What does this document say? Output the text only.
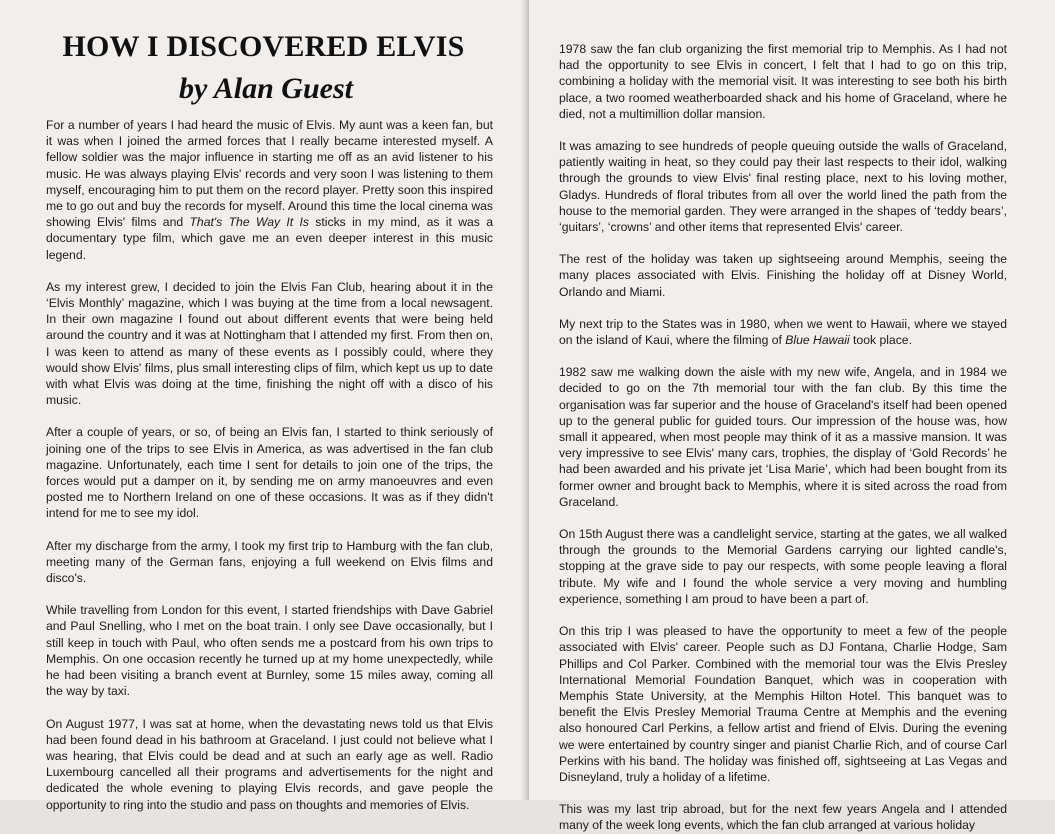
HOW I DISCOVERED ELVIS
by Alan Guest

For a number of years I had heard the music of Elvis. My aunt was a keen fan, but it was when I joined the armed forces that I really became interested myself. A fellow soldier was the major influence in starting me off as an avid listener to his music. He was always playing Elvis' records and very soon I was listening to them myself, encouraging him to put them on the record player. Pretty soon this inspired me to go out and buy the records for myself. Around this time the local cinema was showing Elvis' films and That's The Way It Is sticks in my mind, as it was a documentary type film, which gave me an even deeper interest in this music legend.

As my interest grew, I decided to join the Elvis Fan Club, hearing about it in the ‘Elvis Monthly’ magazine, which I was buying at the time from a local newsagent. In their own magazine I found out about different events that were being held around the country and it was at Nottingham that I attended my first. From then on, I was keen to attend as many of these events as I possibly could, where they would show Elvis' films, plus small interesting clips of film, which kept us up to date with what Elvis was doing at the time, finishing the night off with a disco of his music.

After a couple of years, or so, of being an Elvis fan, I started to think seriously of joining one of the trips to see Elvis in America, as was advertised in the fan club magazine. Unfortunately, each time I sent for details to join one of the trips, the forces would put a damper on it, by sending me on army manoeuvres and even posted me to Northern Ireland on one of these occasions. It was as if they didn't intend for me to see my idol.

After my discharge from the army, I took my first trip to Hamburg with the fan club, meeting many of the German fans, enjoying a full weekend on Elvis films and disco's.

While travelling from London for this event, I started friendships with Dave Gabriel and Paul Snelling, who I met on the boat train. I only see Dave occasionally, but I still keep in touch with Paul, who often sends me a postcard from his own trips to Memphis. On one occasion recently he turned up at my home unexpectedly, while he had been visiting a branch event at Burnley, some 15 miles away, coming all the way by taxi.

On August 1977, I was sat at home, when the devastating news told us that Elvis had been found dead in his bathroom at Graceland. I just could not believe what I was hearing, that Elvis could be dead and at such an early age as well. Radio Luxembourg cancelled all their programs and advertisements for the night and dedicated the whole evening to playing Elvis records, and gave people the opportunity to ring into the studio and pass on thoughts and memories of Elvis.

1978 saw the fan club organizing the first memorial trip to Memphis. As I had not had the opportunity to see Elvis in concert, I felt that I had to go on this trip, combining a holiday with the memorial visit. It was interesting to see both his birth place, a two roomed weatherboarded shack and his home of Graceland, where he died, not a multimillion dollar mansion.

It was amazing to see hundreds of people queuing outside the walls of Graceland, patiently waiting in heat, so they could pay their last respects to their idol, walking through the grounds to view Elvis' final resting place, next to his loving mother, Gladys. Hundreds of floral tributes from all over the world lined the path from the house to the memorial garden. They were arranged in the shapes of ‘teddy bears’, ‘guitars’, ‘crowns’ and other items that represented Elvis' career.

The rest of the holiday was taken up sightseeing around Memphis, seeing the many places associated with Elvis. Finishing the holiday off at Disney World, Orlando and Miami.

My next trip to the States was in 1980, when we went to Hawaii, where we stayed on the island of Kaui, where the filming of Blue Hawaii took place.

1982 saw me walking down the aisle with my new wife, Angela, and in 1984 we decided to go on the 7th memorial tour with the fan club. By this time the organisation was far superior and the house of Graceland's itself had been opened up to the general public for guided tours. Our impression of the house was, how small it appeared, when most people may think of it as a massive mansion. It was very impressive to see Elvis' many cars, trophies, the display of ‘Gold Records’ he had been awarded and his private jet ‘Lisa Marie’, which had been bought from its former owner and brought back to Memphis, where it is sited across the road from Graceland.

On 15th August there was a candlelight service, starting at the gates, we all walked through the grounds to the Memorial Gardens carrying our lighted candle's, stopping at the grave side to pay our respects, with some people leaving a floral tribute. My wife and I found the whole service a very moving and humbling experience, something I am proud to have been a part of.

On this trip I was pleased to have the opportunity to meet a few of the people associated with Elvis' career. People such as DJ Fontana, Charlie Hodge, Sam Phillips and Col Parker. Combined with the memorial tour was the Elvis Presley International Memorial Foundation Banquet, which was in cooperation with Memphis State University, at the Memphis Hilton Hotel. This banquet was to benefit the Elvis Presley Memorial Trauma Centre at Memphis and the evening also honoured Carl Perkins, a fellow artist and friend of Elvis. During the evening we were entertained by country singer and pianist Charlie Rich, and of course Carl Perkins with his band. The holiday was finished off, sightseeing at Las Vegas and Disneyland, truly a holiday of a lifetime.

This was my last trip abroad, but for the next few years Angela and I attended many of the week long events, which the fan club arranged at various holiday
